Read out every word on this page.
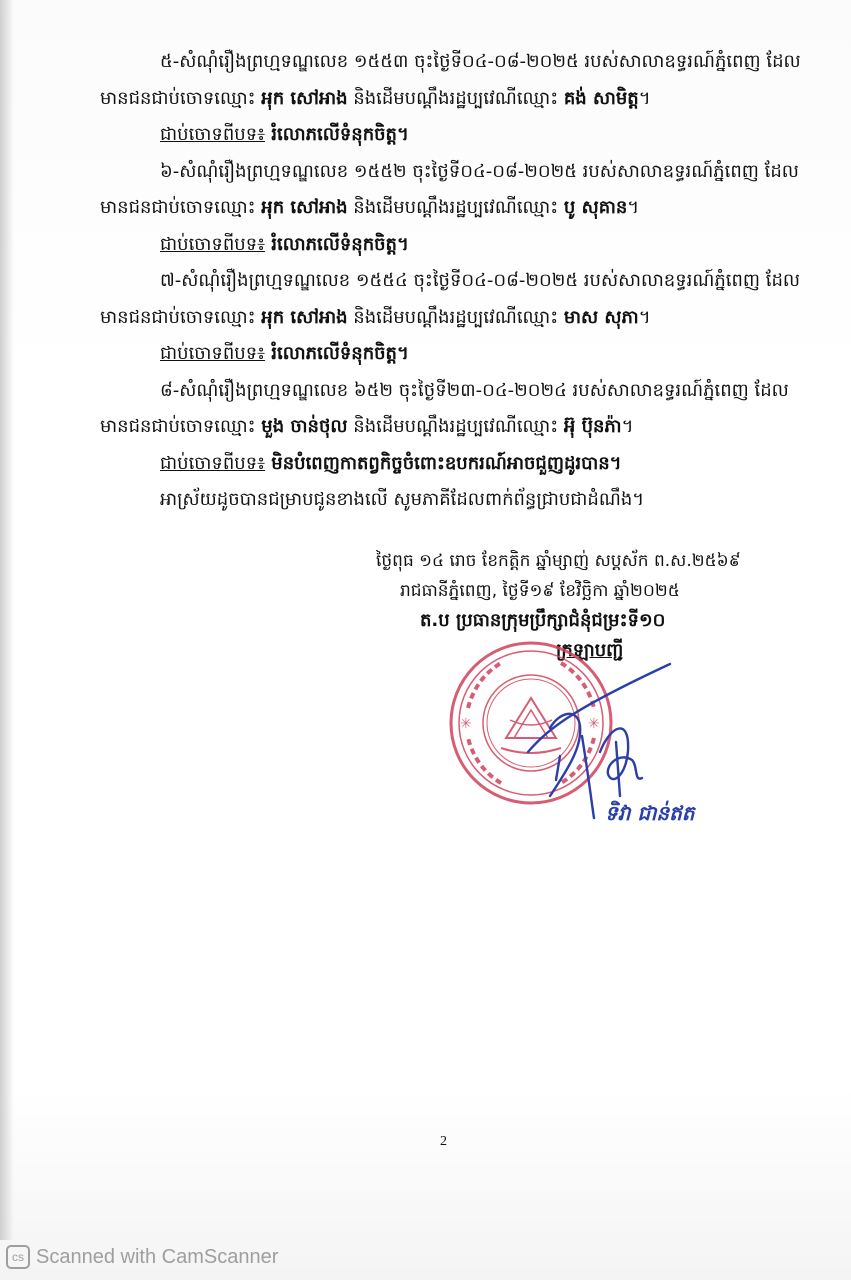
៥-សំណុំរឿងព្រហ្មទណ្ឌលេខ ១៥៥៣ ចុះថ្ងៃទី០៤-០៨-២០២៥ របស់សាលាឧទ្ធរណ៍ភ្នំពេញ ដែល
មានជនជាប់ចោទឈ្មោះ អុក សៅអាង និងដើមបណ្តឹងរដ្ឋប្បវេណីឈ្មោះ គង់ សាមិត្ត។
ជាប់ចោទពីបទ៖ រំលោភលើទំនុកចិត្ត។
៦-សំណុំរឿងព្រហ្មទណ្ឌលេខ ១៥៥២ ចុះថ្ងៃទី០៤-០៨-២០២៥ របស់សាលាឧទ្ធរណ៍ភ្នំពេញ ដែល
មានជនជាប់ចោទឈ្មោះ អុក សៅអាង និងដើមបណ្តឹងរដ្ឋប្បវេណីឈ្មោះ បូ សុគាន។
ជាប់ចោទពីបទ៖ រំលោភលើទំនុកចិត្ត។
៧-សំណុំរឿងព្រហ្មទណ្ឌលេខ ១៥៥៤ ចុះថ្ងៃទី០៤-០៨-២០២៥ របស់សាលាឧទ្ធរណ៍ភ្នំពេញ ដែល
មានជនជាប់ចោទឈ្មោះ អុក សៅអាង និងដើមបណ្តឹងរដ្ឋប្បវេណីឈ្មោះ មាស សុភា។
ជាប់ចោទពីបទ៖ រំលោភលើទំនុកចិត្ត។
៨-សំណុំរឿងព្រហ្មទណ្ឌលេខ ៦៥២ ចុះថ្ងៃទី២៣-០៤-២០២៤ របស់សាលាឧទ្ធរណ៍ភ្នំពេញ ដែល
មានជនជាប់ចោទឈ្មោះ មួង ចាន់ថុល និងដើមបណ្តឹងរដ្ឋប្បវេណីឈ្មោះ អ៊ុ ប៊ុនភ៉ា។
ជាប់ចោទពីបទ៖ មិនបំពេញកាតព្វកិច្ចចំពោះឧបករណ៍អាចជួញដូរបាន។
អាស្រ័យដូចបានជម្រាបជូនខាងលើ សូមភាគីដែលពាក់ព័ន្ធជ្រាបជាដំណឹង។
ថ្ងៃពុធ ១៤ រោច ខែកត្តិក ឆ្នាំម្សាញ់ សប្តស័ក ព.ស.២៥៦៩
រាជធានីភ្នំពេញ, ថ្ងៃទី១៩ ខែវិច្ឆិកា ឆ្នាំ២០២៥
ត.ប ប្រធានក្រុមប្រឹក្សាជំនុំជម្រះទី១០
ក្រឡាបញ្ជី
✳	✳
ទិវា ជាន់ឥត
2
cs Scanned with CamScanner
